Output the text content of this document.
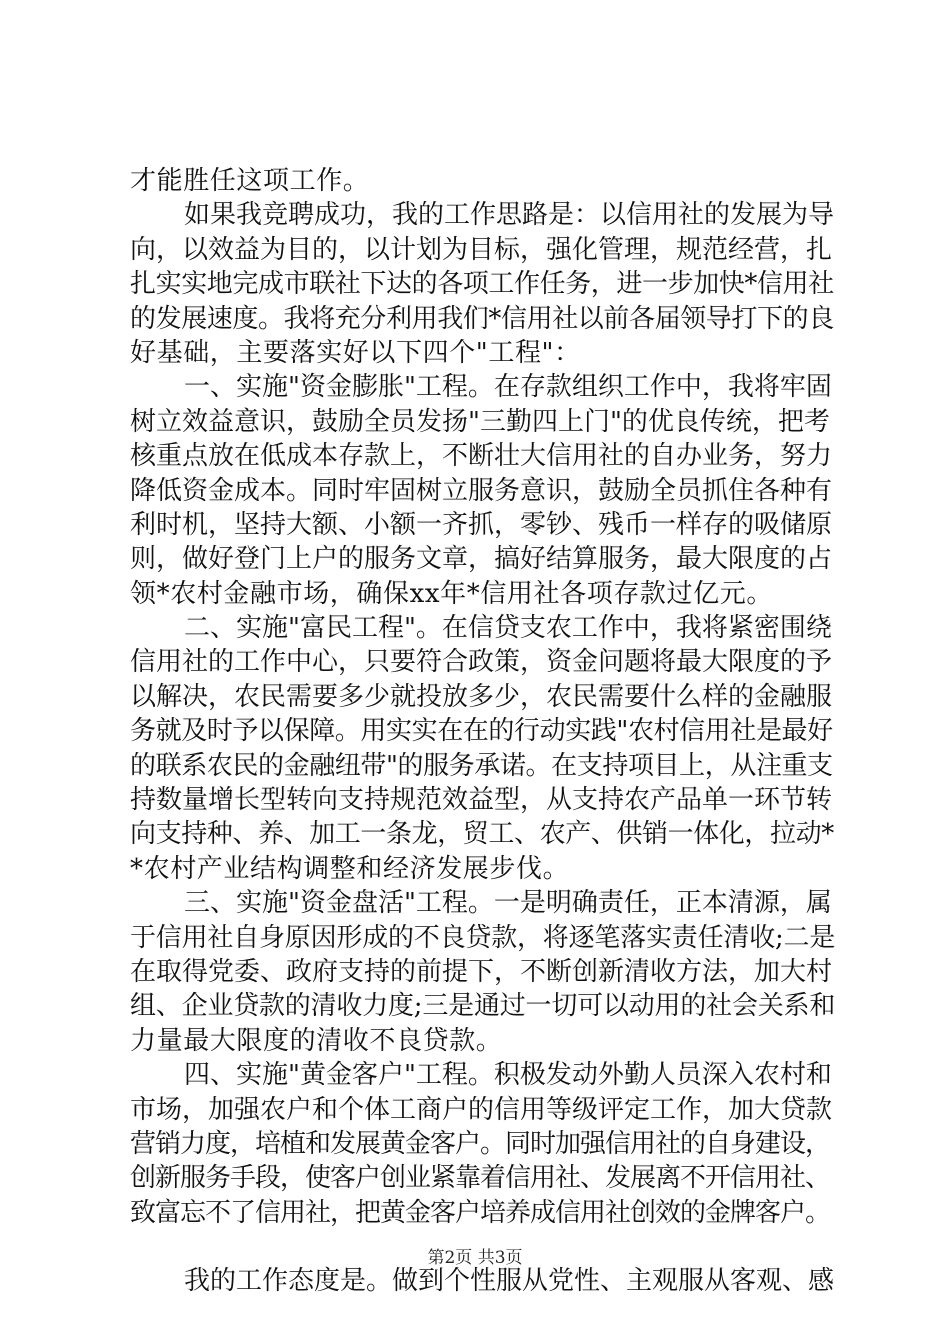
才能胜任这项工作。
如果我竞聘成功，我的工作思路是：以信用社的发展为导
向，以效益为目的，以计划为目标，强化管理，规范经营，扎
扎实实地完成市联社下达的各项工作任务，进一步加快*信用社
的发展速度。我将充分利用我们*信用社以前各届领导打下的良
好基础，主要落实好以下四个"工程"：
一、实施"资金膨胀"工程。在存款组织工作中，我将牢固
树立效益意识，鼓励全员发扬"三勤四上门"的优良传统，把考
核重点放在低成本存款上，不断壮大信用社的自办业务，努力
降低资金成本。同时牢固树立服务意识，鼓励全员抓住各种有
利时机，坚持大额、小额一齐抓，零钞、残币一样存的吸储原
则，做好登门上户的服务文章，搞好结算服务，最大限度的占
领*农村金融市场，确保xx年*信用社各项存款过亿元。
二、实施"富民工程"。在信贷支农工作中，我将紧密围绕
信用社的工作中心，只要符合政策，资金问题将最大限度的予
以解决，农民需要多少就投放多少，农民需要什么样的金融服
务就及时予以保障。用实实在在的行动实践"农村信用社是最好
的联系农民的金融纽带"的服务承诺。在支持项目上，从注重支
持数量增长型转向支持规范效益型，从支持农产品单一环节转
向支持种、养、加工一条龙，贸工、农产、供销一体化，拉动*
*农村产业结构调整和经济发展步伐。
三、实施"资金盘活"工程。一是明确责任，正本清源，属
于信用社自身原因形成的不良贷款，将逐笔落实责任清收;二是
在取得党委、政府支持的前提下，不断创新清收方法，加大村
组、企业贷款的清收力度;三是通过一切可以动用的社会关系和
力量最大限度的清收不良贷款。
四、实施"黄金客户"工程。积极发动外勤人员深入农村和
市场，加强农户和个体工商户的信用等级评定工作，加大贷款
营销力度，培植和发展黄金客户。同时加强信用社的自身建设，
创新服务手段，使客户创业紧靠着信用社、发展离不开信用社、
致富忘不了信用社，把黄金客户培养成信用社创效的金牌客户。
我的工作态度是。做到个性服从党性、主观服从客观、感
第2页 共3页
